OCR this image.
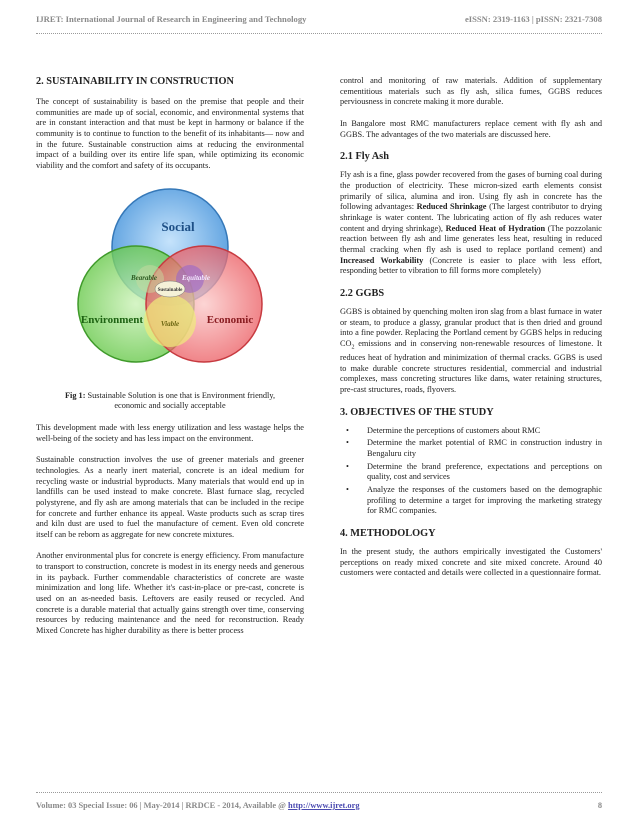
IJRET: International Journal of Research in Engineering and Technology	eISSN: 2319-1163 | pISSN: 2321-7308
2. SUSTAINABILITY IN CONSTRUCTION

The concept of sustainability is based on the premise that people and their communities are made up of social, economic, and environmental systems that are in constant interaction and that must be kept in harmony or balance if the community is to continue to function to the benefit of its inhabitants— now and in the future. Sustainable construction aims at reducing the environmental impact of a building over its entire life span, while optimizing its economic viability and the comfort and safety of its occupants.

Social
Environment	Economic
Bearable	Equitable
Viable
Sustainable

Fig 1: Sustainable Solution is one that is Environment friendly, economic and socially acceptable

This development made with less energy utilization and less wastage helps the well-being of the society and has less impact on the environment.

Sustainable construction involves the use of greener materials and greener technologies. As a nearly inert material, concrete is an ideal medium for recycling waste or industrial byproducts. Many materials that would end up in landfills can be used instead to make concrete. Blast furnace slag, recycled polystyrene, and fly ash are among materials that can be included in the recipe for concrete and further enhance its appeal. Waste products such as scrap tires and kiln dust are used to fuel the manufacture of cement. Even old concrete itself can be reborn as aggregate for new concrete mixtures.

Another environmental plus for concrete is energy efficiency. From manufacture to transport to construction, concrete is modest in its energy needs and generous in its payback. Further commendable characteristics of concrete are waste minimization and long life. Whether it's cast-in-place or pre-cast, concrete is used on an as-needed basis. Leftovers are easily reused or recycled. And concrete is a durable material that actually gains strength over time, conserving resources by reducing maintenance and the need for reconstruction. Ready Mixed Concrete has higher durability as there is better process

control and monitoring of raw materials. Addition of supplementary cementitious materials such as fly ash, silica fumes, GGBS reduces perviousness in concrete making it more durable.

In Bangalore most RMC manufacturers replace cement with fly ash and GGBS. The advantages of the two materials are discussed here.

2.1 Fly Ash

Fly ash is a fine, glass powder recovered from the gases of burning coal during the production of electricity. These micron-sized earth elements consist primarily of silica, alumina and iron. Using fly ash in concrete has the following advantages: Reduced Shrinkage (The largest contributor to drying shrinkage is water content. The lubricating action of fly ash reduces water content and drying shrinkage), Reduced Heat of Hydration (The pozzolanic reaction between fly ash and lime generates less heat, resulting in reduced thermal cracking when fly ash is used to replace portland cement) and Increased Workability (Concrete is easier to place with less effort, responding better to vibration to fill forms more completely)

2.2 GGBS

GGBS is obtained by quenching molten iron slag from a blast furnace in water or steam, to produce a glassy, granular product that is then dried and ground into a fine powder. Replacing the Portland cement by GGBS helps in reducing $CO_2$ emissions and in conserving non-renewable resources of limestone. It reduces heat of hydration and minimization of thermal cracks. GGBS is used to make durable concrete structures residential, commercial and industrial complexes, mass concreting structures like dams, water retaining structures, pre-cast structures, roads, flyovers.

3. OBJECTIVES OF THE STUDY
• Determine the perceptions of customers about RMC
• Determine the market potential of RMC in construction industry in Bengaluru city
• Determine the brand preference, expectations and perceptions on quality, cost and services
• Analyze the responses of the customers based on the demographic profiling to determine a target for improving the marketing strategy for RMC companies.
4. METHODOLOGY

In the present study, the authors empirically investigated the Customers' perceptions on ready mixed concrete and site mixed concrete. Around 40 customers were contacted and details were collected in a questionnaire format.

Volume: 03 Special Issue: 06 | May-2014 | RRDCE - 2014, Available @ http://www.ijret.org	8
